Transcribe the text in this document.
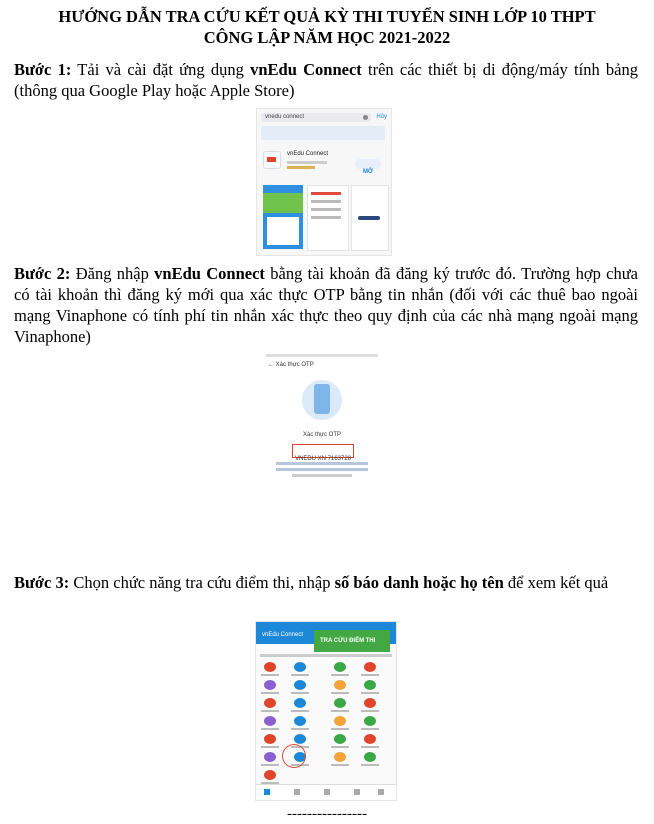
HƯỚNG DẪN TRA CỨU KẾT QUẢ KỲ THI TUYỂN SINH LỚP 10 THPT
CÔNG LẬP NĂM HỌC 2021-2022
Bước 1: Tải và cài đặt ứng dụng vnEdu Connect trên các thiết bị di động/máy tính bảng (thông qua Google Play hoặc Apple Store)
vnedu connect	Hủy
vnEdu Connect
MỞ
Bước 2: Đăng nhập vnEdu Connect bằng tài khoản đã đăng ký trước đó. Trường hợp chưa có tài khoản thì đăng ký mới qua xác thực OTP bằng tin nhắn (đối với các thuê bao ngoài mạng Vinaphone có tính phí tin nhắn xác thực theo quy định của các nhà mạng ngoài mạng Vinaphone)
← Xác thực OTP
Xác thực OTP
VNEDU XN 7163728
Bước 3: Chọn chức năng tra cứu điểm thi, nhập số báo danh hoặc họ tên để xem kết quả
vnEdu Connect
TRA CỨU ĐIỂM THI
----------------
